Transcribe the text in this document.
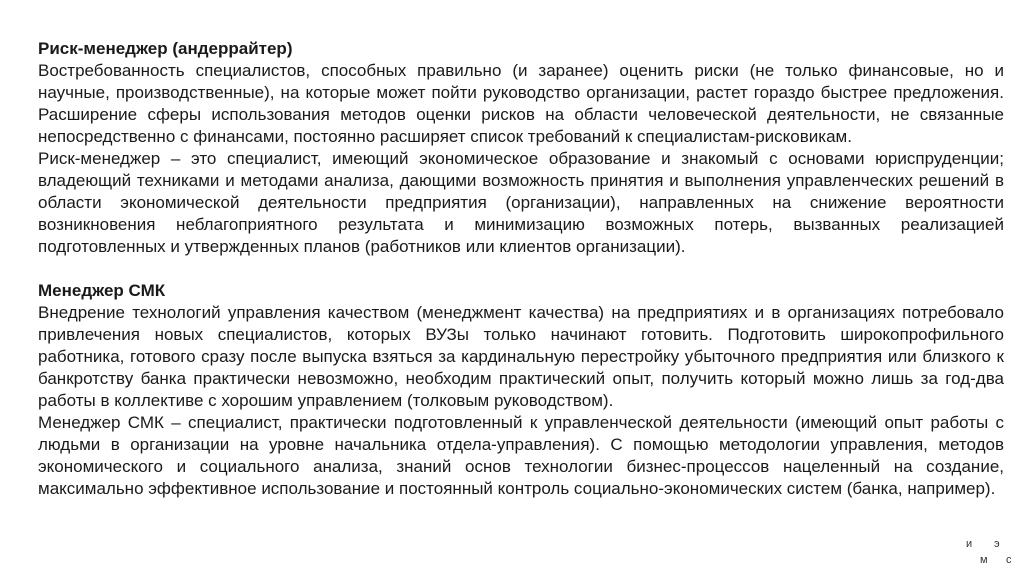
Риск-менеджер (андеррайтер)

Востребованность специалистов, способных правильно (и заранее) оценить риски (не только финансовые, но и научные, производственные), на которые может пойти руководство организации, растет гораздо быстрее предложения. Расширение сферы использования методов оценки рисков на области человеческой деятельности, не связанные непосредственно с финансами, постоянно расширяет список требований к специалистам-рисковикам.

Риск-менеджер – это специалист, имеющий экономическое образование и знакомый с основами юриспруденции; владеющий техниками и методами анализа, дающими возможность принятия и выполнения управленческих решений в области экономической деятельности предприятия (организации), направленных на снижение вероятности возникновения неблагоприятного результата и минимизацию возможных потерь, вызванных реализацией подготовленных и утвержденных планов (работников или клиентов организации).

Менеджер СМК

Внедрение технологий управления качеством (менеджмент качества) на предприятиях и в организациях потребовало привлечения новых специалистов, которых ВУЗы только начинают готовить. Подготовить широкопрофильного работника, готового сразу после выпуска взяться за кардинальную перестройку убыточного предприятия или близкого к банкротству банка практически невозможно, необходим практический опыт, получить который можно лишь за год-два работы в коллективе с хорошим управлением (толковым руководством).

Менеджер СМК – специалист, практически подготовленный к управленческой деятельности (имеющий опыт работы с людьми в организации на уровне начальника отдела-управления). С помощью методологии управления, методов экономического и социального анализа, знаний основ технологии бизнес-процессов нацеленный на создание, максимально эффективное использование и постоянный контроль социально-экономических систем (банка, например).

и э
м с
